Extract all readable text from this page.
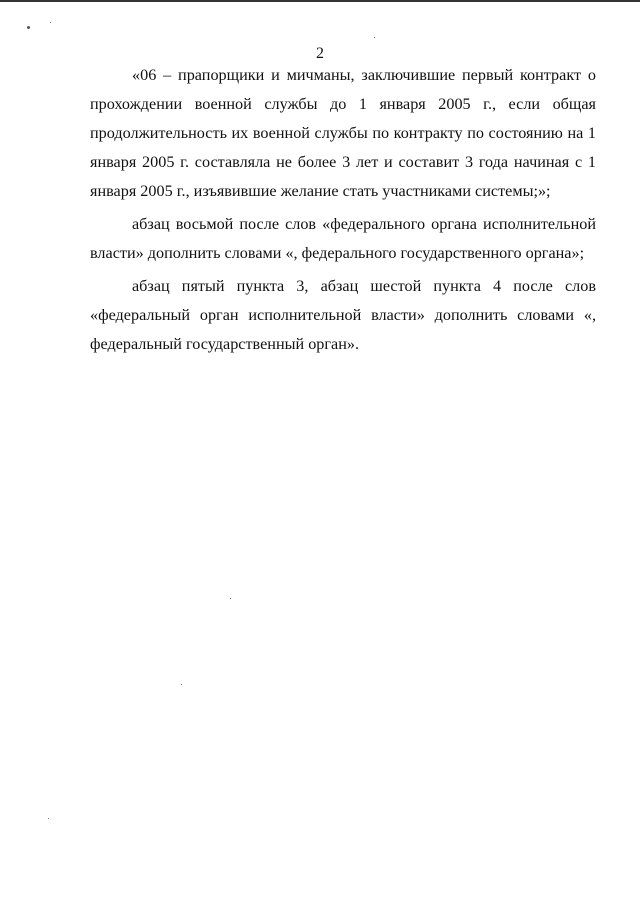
2

«06 – прапорщики и мичманы, заключившие первый контракт о прохождении военной службы до 1 января 2005 г., если общая продолжительность их военной службы по контракту по состоянию на 1 января 2005 г. составляла не более 3 лет и составит 3 года начиная с 1 января 2005 г., изъявившие желание стать участниками системы;»;

абзац восьмой после слов «федерального органа исполнительной власти» дополнить словами «, федерального государственного органа»;

абзац пятый пункта 3, абзац шестой пункта 4 после слов «федеральный орган исполнительной власти» дополнить словами «, федеральный государственный орган».
